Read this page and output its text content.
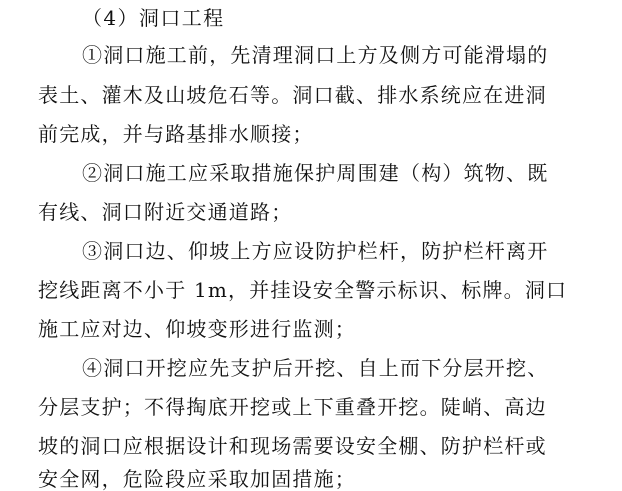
（4）洞口工程
①洞口施工前，先清理洞口上方及侧方可能滑塌的
表土、灌木及山坡危石等。洞口截、排水系统应在进洞
前完成，并与路基排水顺接；
②洞口施工应采取措施保护周围建（构）筑物、既
有线、洞口附近交通道路；
③洞口边、仰坡上方应设防护栏杆，防护栏杆离开
挖线距离不小于 1m，并挂设安全警示标识、标牌。洞口
施工应对边、仰坡变形进行监测；
④洞口开挖应先支护后开挖、自上而下分层开挖、
分层支护；不得掏底开挖或上下重叠开挖。陡峭、高边
坡的洞口应根据设计和现场需要设安全棚、防护栏杆或
安全网，危险段应采取加固措施；
